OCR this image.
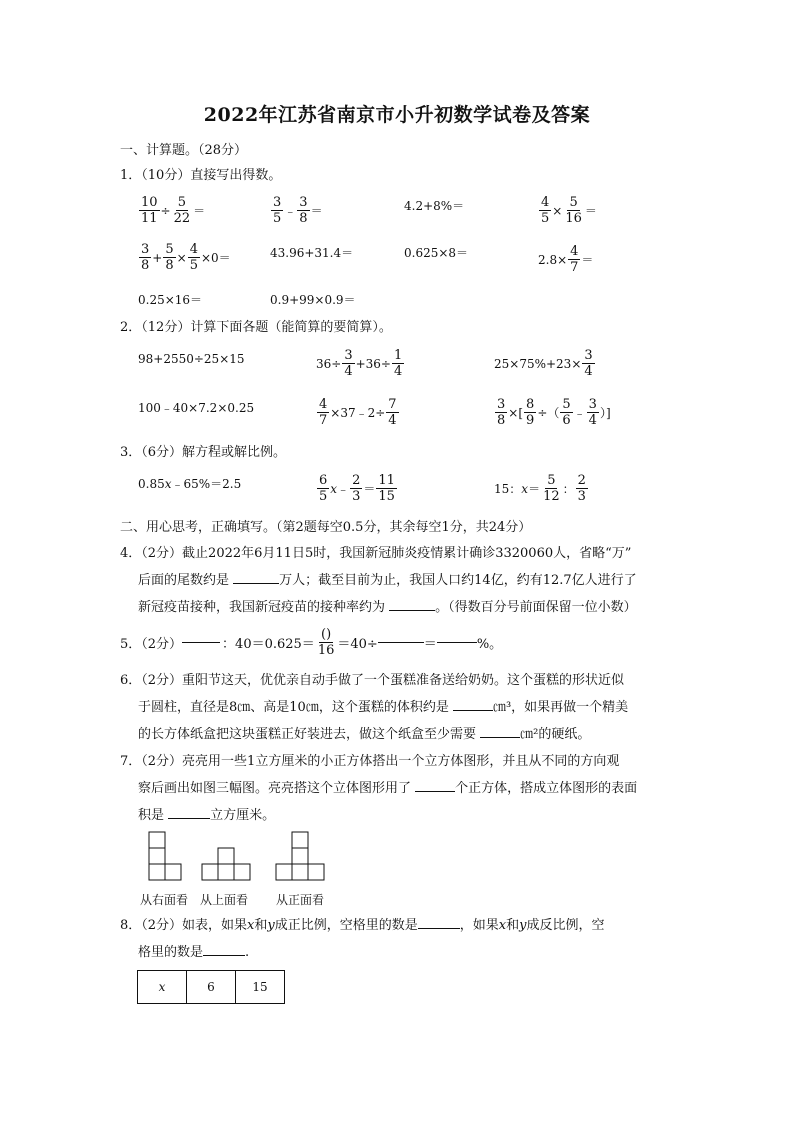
2022年江苏省南京市小升初数学试卷及答案
一、计算题。（28分）
1．（10分）直接写出得数。
$\frac{10}{11} \div \frac{5}{22}$ ＝	$\frac{3}{5}$ ﹣ $\frac{3}{8}$ ＝	4.2+8%＝	$\frac{4}{5} \times \frac{5}{16}$ ＝
$\frac{3}{8} + \frac{5}{8} \times \frac{4}{5} \times 0=$	43.96+31.4＝	0.625×8＝	$2.8\times \frac{4}{7}$ ＝
0.25×16＝	0.9+99×0.9＝
2．（12分）计算下面各题（能简算的要简算）。
98+2550÷25×15	$36\div \frac{3}{4} +36\div \frac{1}{4}$	$25\times 75\%+23\times \frac{3}{4}$
100﹣40×7.2×0.25	$\frac{4}{7}$ ×37﹣2÷ $\frac{7}{4}$	$\frac{3}{8}$ ×[ $\frac{8}{9}$ ÷（ $\frac{5}{6}$ ﹣ $\frac{3}{4}$ ）]
3．（6分）解方程或解比例。
0.85x﹣65%＝2.5	$\frac{6}{5}$ x ﹣ $\frac{2}{3} = \frac{11}{15}$	15： $x = \frac{5}{12}$ ： $\frac{2}{3}$
二、用心思考，正确填写。（第2题每空0.5分，其余每空1分，共24分）
4．（2分）截止2022年6月11日5时，我国新冠肺炎疫情累计确诊3320060人，省略“万”
后面的尾数约是	万人；截至目前为止，我国人口约14亿，约有12.7亿人进行了
新冠疫苗接种，我国新冠疫苗的接种率约为	。（得数百分号前面保留一位小数）
5．（2分）	：$40=0.625= \frac{()}{16} =40\div$	＝	%。
6．（2分）重阳节这天，优优亲自动手做了一个蛋糕准备送给奶奶。这个蛋糕的形状近似
于圆柱，直径是8㎝、高是10㎝，这个蛋糕的体积约是	㎝³，如果再做一个精美
的长方体纸盒把这块蛋糕正好装进去，做这个纸盒至少需要	㎝²的硬纸。
7．（2分）亮亮用一些1立方厘米的小正方体搭出一个立方体图形，并且从不同的方向观
察后画出如图三幅图。亮亮搭这个立体图形用了	个正方体，搭成立体图形的表面
积是	立方厘米。
从右面看 从上面看 从正面看
8．（2分）如表，如果x和y成正比例，空格里的数是	，如果x和y成反比例，空
格里的数是	.
x	6	15
